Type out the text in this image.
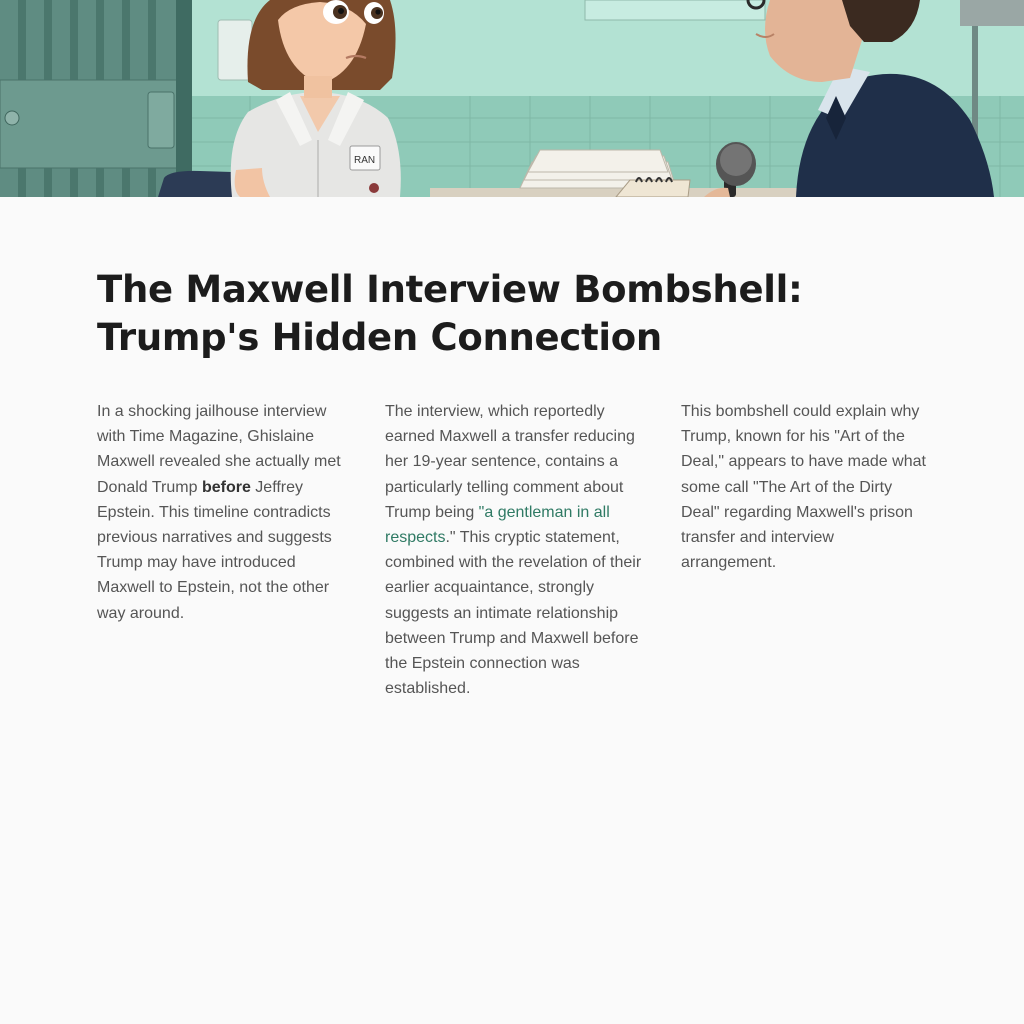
RAN
The Maxwell Interview Bombshell:
Trump's Hidden Connection

In a shocking jailhouse interview with Time Magazine, Ghislaine Maxwell revealed she actually met Donald Trump before Jeffrey Epstein. This timeline contradicts previous narratives and suggests Trump may have introduced Maxwell to Epstein, not the other way around.

The interview, which reportedly earned Maxwell a transfer reducing her 19-year sentence, contains a particularly telling comment about Trump being "a gentleman in all respects." This cryptic statement, combined with the revelation of their earlier acquaintance, strongly suggests an intimate relationship between Trump and Maxwell before the Epstein connection was established.

This bombshell could explain why Trump, known for his "Art of the Deal," appears to have made what some call "The Art of the Dirty Deal" regarding Maxwell's prison transfer and interview arrangement.
